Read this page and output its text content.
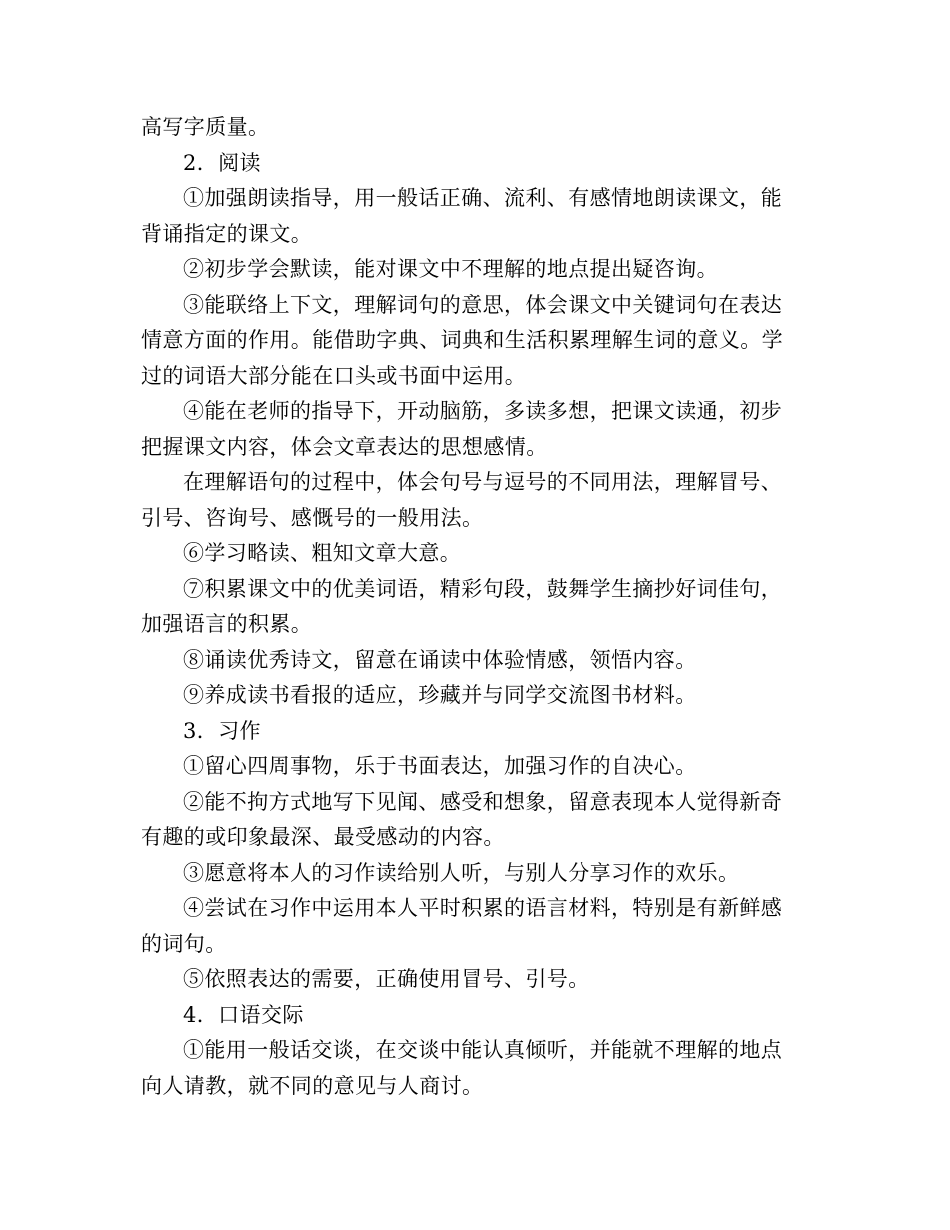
高写字质量。
2．阅读
①加强朗读指导，用一般话正确、流利、有感情地朗读课文，能
背诵指定的课文。
②初步学会默读，能对课文中不理解的地点提出疑咨询。
③能联络上下文，理解词句的意思，体会课文中关键词句在表达
情意方面的作用。能借助字典、词典和生活积累理解生词的意义。学
过的词语大部分能在口头或书面中运用。
④能在老师的指导下，开动脑筋，多读多想，把课文读通，初步
把握课文内容，体会文章表达的思想感情。
在理解语句的过程中，体会句号与逗号的不同用法，理解冒号、
引号、咨询号、感慨号的一般用法。
⑥学习略读、粗知文章大意。
⑦积累课文中的优美词语，精彩句段，鼓舞学生摘抄好词佳句，
加强语言的积累。
⑧诵读优秀诗文，留意在诵读中体验情感，领悟内容。
⑨养成读书看报的适应，珍藏并与同学交流图书材料。
3．习作
①留心四周事物，乐于书面表达，加强习作的自决心。
②能不拘方式地写下见闻、感受和想象，留意表现本人觉得新奇
有趣的或印象最深、最受感动的内容。
③愿意将本人的习作读给别人听，与别人分享习作的欢乐。
④尝试在习作中运用本人平时积累的语言材料，特别是有新鲜感
的词句。
⑤依照表达的需要，正确使用冒号、引号。
4．口语交际
①能用一般话交谈，在交谈中能认真倾听，并能就不理解的地点
向人请教，就不同的意见与人商讨。
